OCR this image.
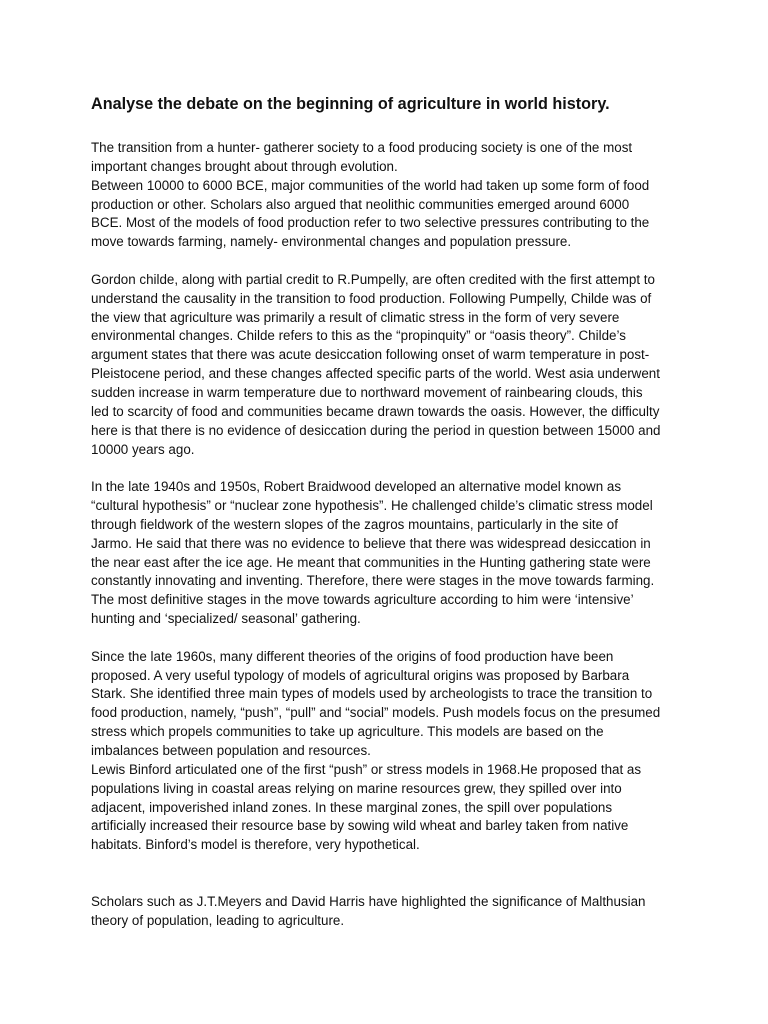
Analyse the debate on the beginning of agriculture in world history.

The transition from a hunter- gatherer society to a food producing society is one of the most
important changes brought about through evolution.

Between 10000 to 6000 BCE, major communities of the world had taken up some form of food
production or other. Scholars also argued that neolithic communities emerged around 6000
BCE. Most of the models of food production refer to two selective pressures contributing to the
move towards farming, namely- environmental changes and population pressure.

Gordon childe, along with partial credit to R.Pumpelly, are often credited with the first attempt to
understand the causality in the transition to food production. Following Pumpelly, Childe was of
the view that agriculture was primarily a result of climatic stress in the form of very severe
environmental changes. Childe refers to this as the “propinquity” or “oasis theory”. Childe’s
argument states that there was acute desiccation following onset of warm temperature in post-
Pleistocene period, and these changes affected specific parts of the world. West asia underwent
sudden increase in warm temperature due to northward movement of rainbearing clouds, this
led to scarcity of food and communities became drawn towards the oasis. However, the difficulty
here is that there is no evidence of desiccation during the period in question between 15000 and
10000 years ago.

In the late 1940s and 1950s, Robert Braidwood developed an alternative model known as
“cultural hypothesis” or “nuclear zone hypothesis”. He challenged childe’s climatic stress model
through fieldwork of the western slopes of the zagros mountains, particularly in the site of
Jarmo. He said that there was no evidence to believe that there was widespread desiccation in
the near east after the ice age. He meant that communities in the Hunting gathering state were
constantly innovating and inventing. Therefore, there were stages in the move towards farming.
The most definitive stages in the move towards agriculture according to him were ‘intensive’
hunting and ‘specialized/ seasonal’ gathering.

Since the late 1960s, many different theories of the origins of food production have been
proposed. A very useful typology of models of agricultural origins was proposed by Barbara
Stark. She identified three main types of models used by archeologists to trace the transition to
food production, namely, “push”, “pull” and “social” models. Push models focus on the presumed
stress which propels communities to take up agriculture. This models are based on the
imbalances between population and resources.

Lewis Binford articulated one of the first “push” or stress models in 1968.He proposed that as
populations living in coastal areas relying on marine resources grew, they spilled over into
adjacent, impoverished inland zones. In these marginal zones, the spill over populations
artificially increased their resource base by sowing wild wheat and barley taken from native
habitats. Binford’s model is therefore, very hypothetical.

Scholars such as J.T.Meyers and David Harris have highlighted the significance of Malthusian
theory of population, leading to agriculture.
